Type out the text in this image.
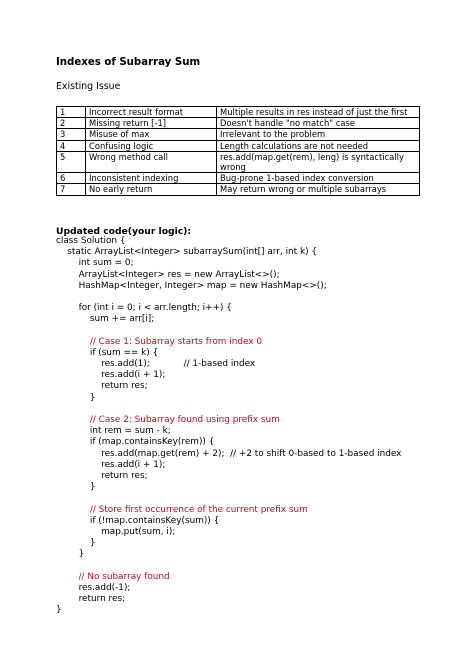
Indexes of Subarray Sum
Existing Issue
1	Incorrect result format	Multiple results in res instead of just the first
2	Missing return [-1]	Doesn't handle "no match" case
3	Misuse of max	Irrelevant to the problem
4	Confusing logic	Length calculations are not needed
5	Wrong method call	res.add(map.get(rem), leng) is syntactically wrong
6	Inconsistent indexing	Bug-prone 1-based index conversion
7	No early return	May return wrong or multiple subarrays
Updated code(your logic):
class Solution {
static ArrayList<Integer> subarraySum(int[] arr, int k) {
int sum = 0;
ArrayList<Integer> res = new ArrayList<>();
HashMap<Integer, Integer> map = new HashMap<>();
for (int i = 0; i < arr.length; i++) {
sum += arr[i];
// Case 1: Subarray starts from index 0
if (sum == k) {
res.add(1);            // 1-based index
res.add(i + 1);
return res;
}
// Case 2: Subarray found using prefix sum
int rem = sum - k;
if (map.containsKey(rem)) {
res.add(map.get(rem) + 2);  // +2 to shift 0-based to 1-based index
res.add(i + 1);
return res;
}
// Store first occurrence of the current prefix sum
if (!map.containsKey(sum)) {
map.put(sum, i);
}
}
// No subarray found
res.add(-1);
return res;
}
